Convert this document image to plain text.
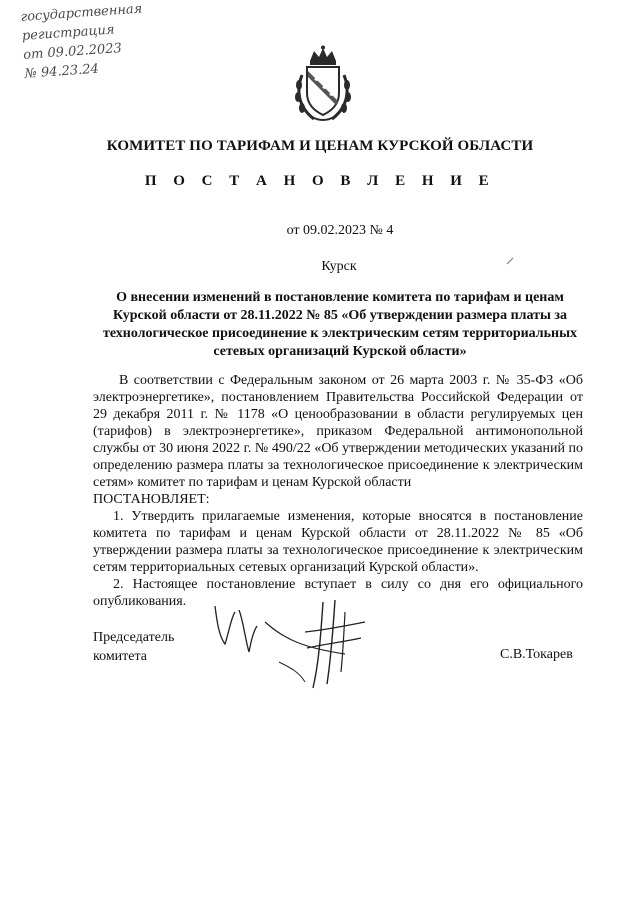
государственная
регистрация
от 09.02.2023
№ 94.23.24
КОМИТЕТ ПО ТАРИФАМ И ЦЕНАМ КУРСКОЙ ОБЛАСТИ
П О С Т А Н О В Л Е Н И Е
от 09.02.2023 № 4
Курск
О внесении изменений в постановление комитета по тарифам и ценам Курской области от 28.11.2022 № 85 «Об утверждении размера платы за технологическое присоединение к электрическим сетям территориальных сетевых организаций Курской области»

В соответствии с Федеральным законом от 26 марта 2003 г. № 35-ФЗ «Об электроэнергетике», постановлением Правительства Российской Федерации от 29 декабря 2011 г. № 1178 «О ценообразовании в области регулируемых цен (тарифов) в электроэнергетике», приказом Федеральной антимонопольной службы от 30 июня 2022 г. № 490/22 «Об утверждении методических указаний по определению размера платы за технологическое присоединение к электрическим сетям» комитет по тарифам и ценам Курской области

ПОСТАНОВЛЯЕТ:

1. Утвердить прилагаемые изменения, которые вносятся в постановление комитета по тарифам и ценам Курской области от 28.11.2022 № 85 «Об утверждении размера платы за технологическое присоединение к электрическим сетям территориальных сетевых организаций Курской области».

2. Настоящее постановление вступает в силу со дня его официального опубликования.

Председатель
комитета	С.В.Токарев
